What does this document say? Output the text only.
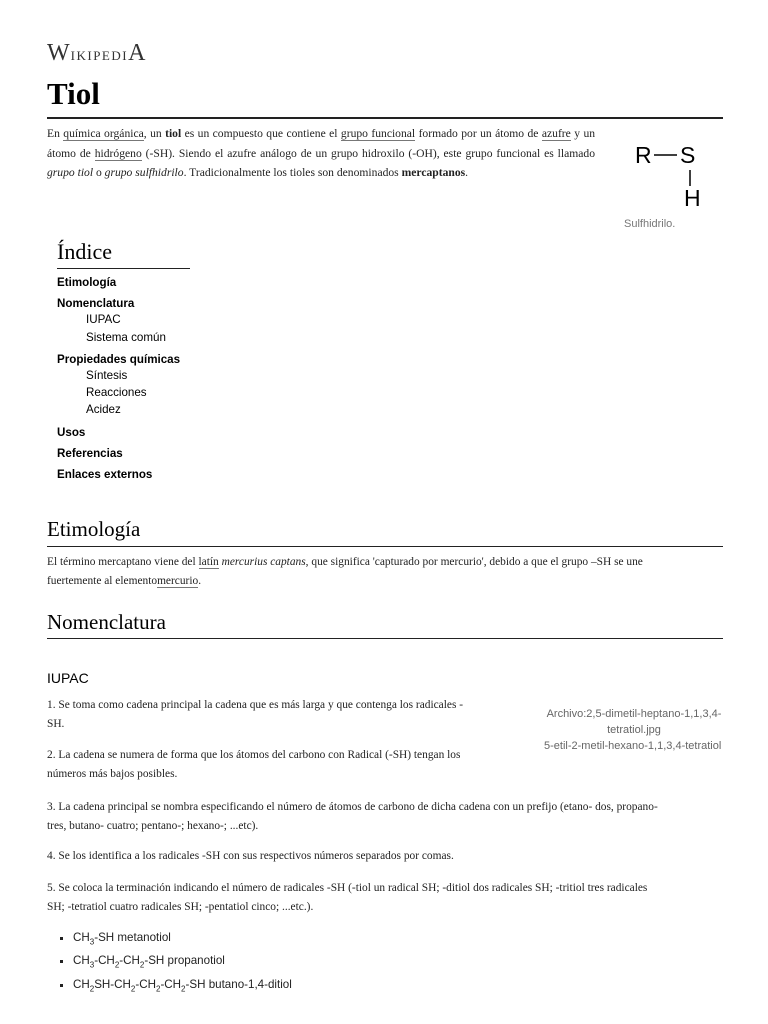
WikipediA
Tiol
En química orgánica, un tiol es un compuesto que contiene el grupo funcional formado por un átomo de azufre y un átomo de hidrógeno (-SH). Siendo el azufre análogo de un grupo hidroxilo (-OH), este grupo funcional es llamado grupo tiol o grupo sulfhidrilo. Tradicionalmente los tioles son denominados mercaptanos.
R S
H
Sulfhidrilo.
Índice
Etimología
Nomenclatura
IUPAC
Sistema común
Propiedades químicas
Síntesis
Reacciones
Acidez
Usos
Referencias
Enlaces externos
Etimología
El término mercaptano viene del latín mercurius captans, que significa 'capturado por mercurio', debido a que el grupo –SH se une
fuertemente al elementomercurio.
Nomenclatura
IUPAC
1. Se toma como cadena principal la cadena que es más larga y que contenga los radicales -
SH.
2. La cadena se numera de forma que los átomos del carbono con Radical (-SH) tengan los
números más bajos posibles.
3. La cadena principal se nombra especificando el número de átomos de carbono de dicha cadena con un prefijo (etano- dos, propano-
tres, butano- cuatro; pentano-; hexano-; ...etc).
4. Se los identifica a los radicales -SH con sus respectivos números separados por comas.
5. Se coloca la terminación indicando el número de radicales -SH (-tiol un radical SH; -ditiol dos radicales SH; -tritiol tres radicales
SH; -tetratiol cuatro radicales SH; -pentatiol cinco; ...etc.).
Archivo:2,5-dimetil-heptano-1,1,3,4-tetratiol.jpg
5-etil-2-metil-hexano-1,1,3,4-tetratiol
▪ $CH_3-SH$ metanotiol
▪ $CH_3-CH_2-CH_2-SH$ propanotiol
▪ $CH_2SH-CH_2-CH_2-CH_2-SH$ butano-1,4-ditiol
